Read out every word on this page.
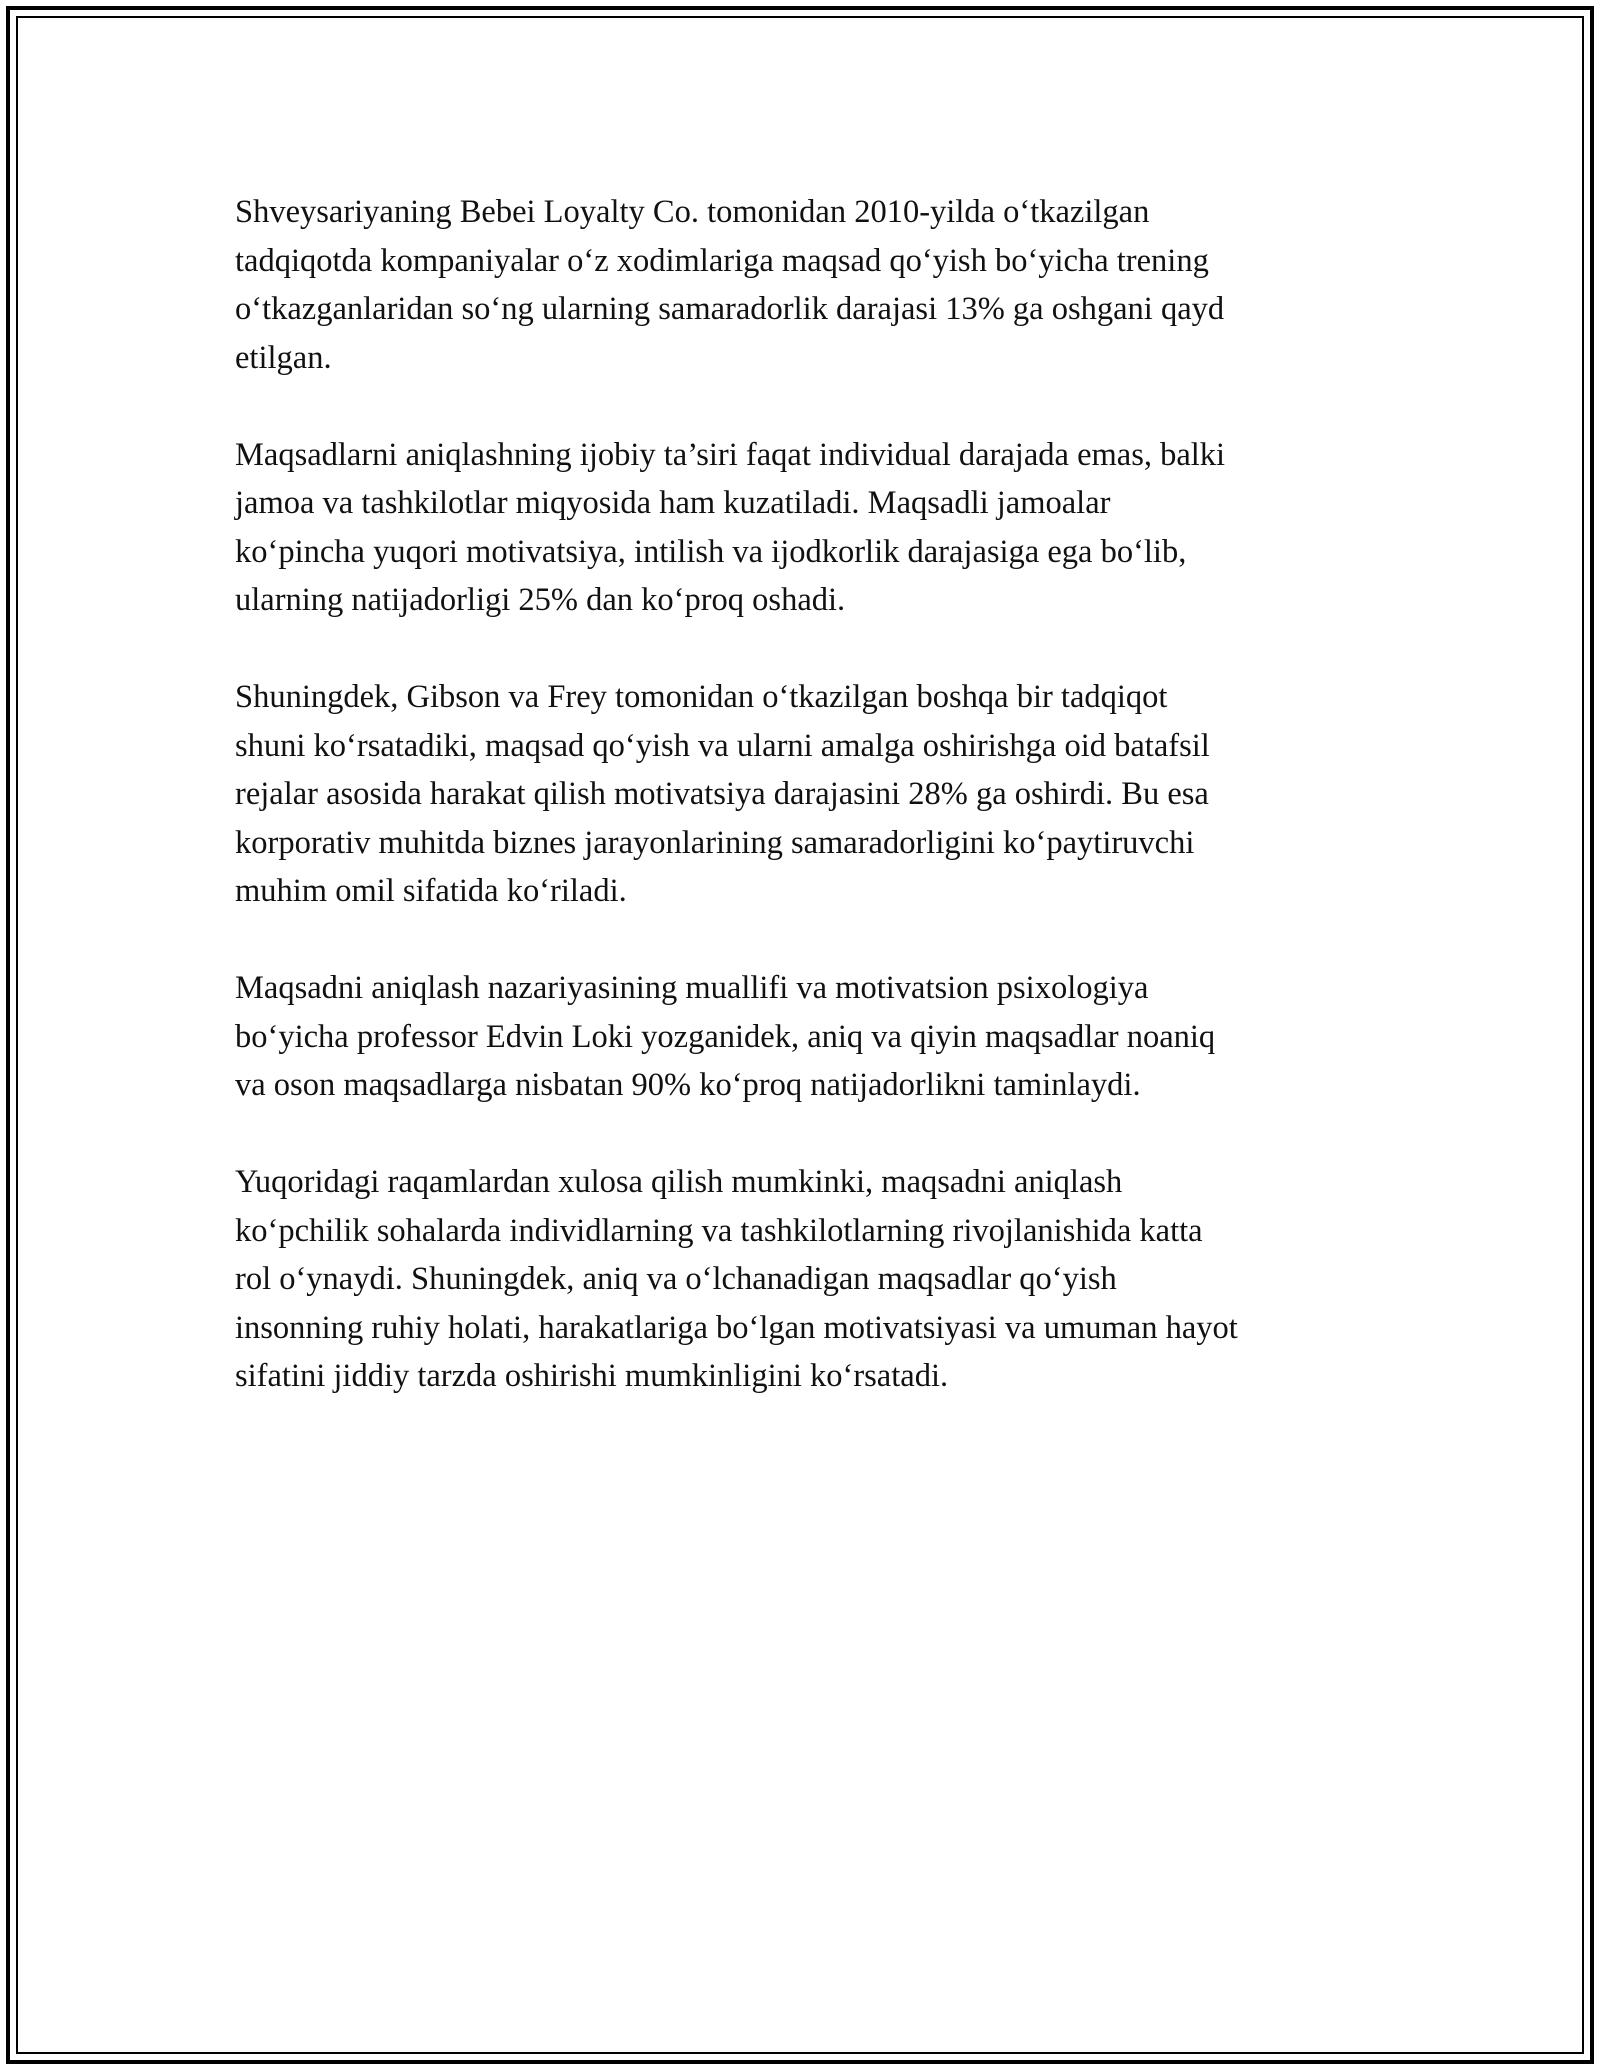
Shveysariyaning Bebei Loyalty Co. tomonidan 2010-yilda o‘tkazilgan
tadqiqotda kompaniyalar o‘z xodimlariga maqsad qo‘yish bo‘yicha trening
o‘tkazganlaridan so‘ng ularning samaradorlik darajasi 13% ga oshgani qayd
etilgan.

Maqsadlarni aniqlashning ijobiy ta’siri faqat individual darajada emas, balki
jamoa va tashkilotlar miqyosida ham kuzatiladi. Maqsadli jamoalar
ko‘pincha yuqori motivatsiya, intilish va ijodkorlik darajasiga ega bo‘lib,
ularning natijadorligi 25% dan ko‘proq oshadi.

Shuningdek, Gibson va Frey tomonidan o‘tkazilgan boshqa bir tadqiqot
shuni ko‘rsatadiki, maqsad qo‘yish va ularni amalga oshirishga oid batafsil
rejalar asosida harakat qilish motivatsiya darajasini 28% ga oshirdi. Bu esa
korporativ muhitda biznes jarayonlarining samaradorligini ko‘paytiruvchi
muhim omil sifatida ko‘riladi.

Maqsadni aniqlash nazariyasining muallifi va motivatsion psixologiya
bo‘yicha professor Edvin Loki yozganidek, aniq va qiyin maqsadlar noaniq
va oson maqsadlarga nisbatan 90% ko‘proq natijadorlikni taminlaydi.

Yuqoridagi raqamlardan xulosa qilish mumkinki, maqsadni aniqlash
ko‘pchilik sohalarda individlarning va tashkilotlarning rivojlanishida katta
rol o‘ynaydi. Shuningdek, aniq va o‘lchanadigan maqsadlar qo‘yish
insonning ruhiy holati, harakatlariga bo‘lgan motivatsiyasi va umuman hayot
sifatini jiddiy tarzda oshirishi mumkinligini ko‘rsatadi.
